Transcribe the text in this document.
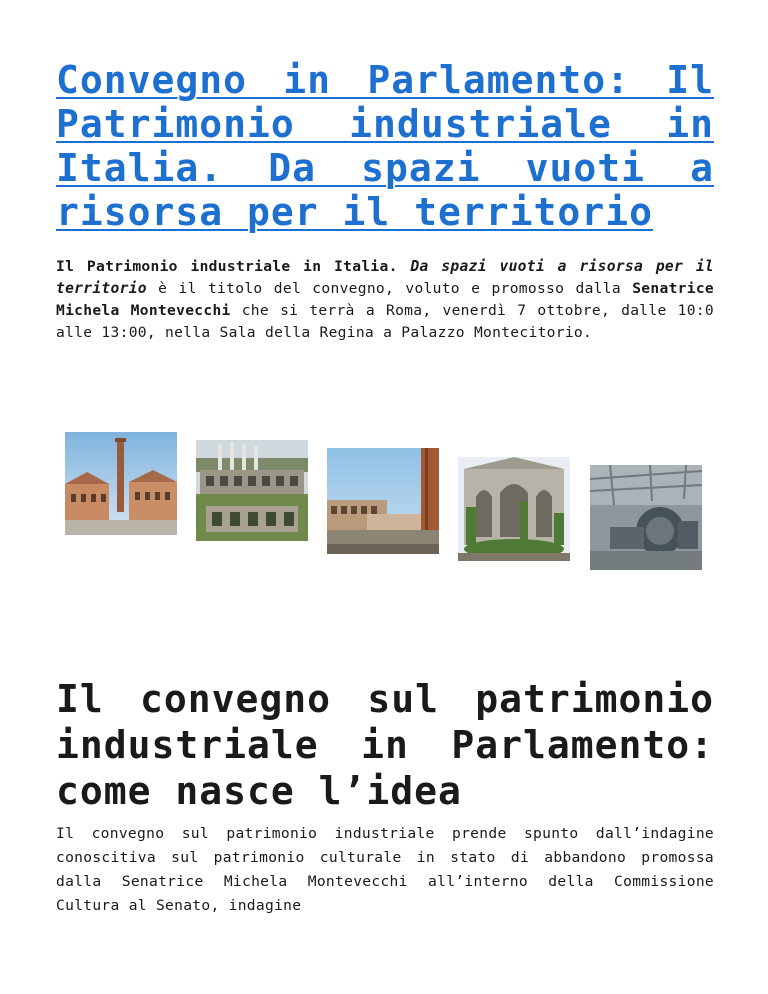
Convegno in Parlamento: Il Patrimonio industriale in Italia. Da spazi vuoti a risorsa per il territorio

Il Patrimonio industriale in Italia. Da spazi vuoti a risorsa per il territorio è il titolo del convegno, voluto e promosso dalla Senatrice Michela Montevecchi che si terrà a Roma, venerdì 7 ottobre, dalle 10:0 alle 13:00, nella Sala della Regina a Palazzo Montecitorio.

Il convegno sul patrimonio industriale in Parlamento: come nasce l’idea

Il convegno sul patrimonio industriale prende spunto dall’indagine conoscitiva sul patrimonio culturale in stato di abbandono promossa dalla Senatrice Michela Montevecchi all’interno della Commissione Cultura al Senato, indagine
